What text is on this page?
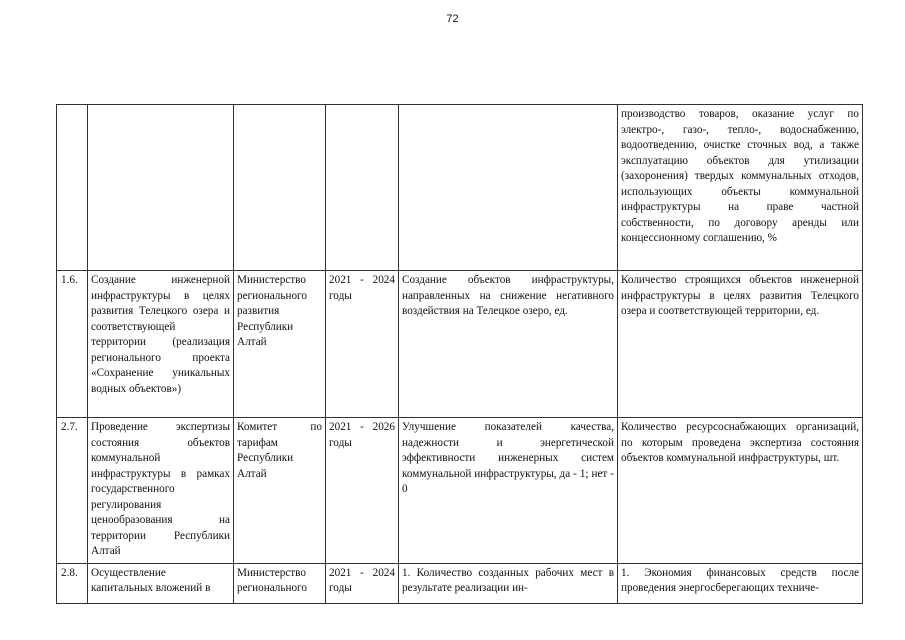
72
					производство товаров, оказание услуг по электро-, газо-, тепло-, водоснабжению, водоотведению, очистке сточных вод, а также эксплуатацию объектов для утилизации (захоронения) твердых коммунальных отходов, использующих объекты коммунальной инфраструктуры на праве частной собственности, по договору аренды или концессионному соглашению, %
1.6.	Создание инженерной инфраструктуры в целях развития Телецкого озера и соответствующей территории (реализация регионального проекта «Сохранение уникальных водных объектов»)	Министерство регионального развития Республики Алтай	2021 - 2024 годы	Создание объектов инфраструктуры, направленных на снижение негативного воздействия на Телецкое озеро, ед.	Количество строящихся объектов инженерной инфраструктуры в целях развития Телецкого озера и соответствующей территории, ед.
2.7.	Проведение экспертизы состояния объектов коммунальной инфраструктуры в рамках государственного регулирования ценообразования на территории Республики Алтай	Комитет по тарифам Республики Алтай	2021 - 2026 годы	Улучшение показателей качества, надежности и энергетической эффективности инженерных систем коммунальной инфраструктуры, да - 1; нет - 0	Количество ресурсоснабжающих организаций, по которым проведена экспертиза состояния объектов коммунальной инфраструктуры, шт.
2.8.	Осуществление капитальных вложений в	Министерство регионального	2021 - 2024 годы	1. Количество созданных рабочих мест в результате реализации ин-	1. Экономия финансовых средств после проведения энергосберегающих техниче-
